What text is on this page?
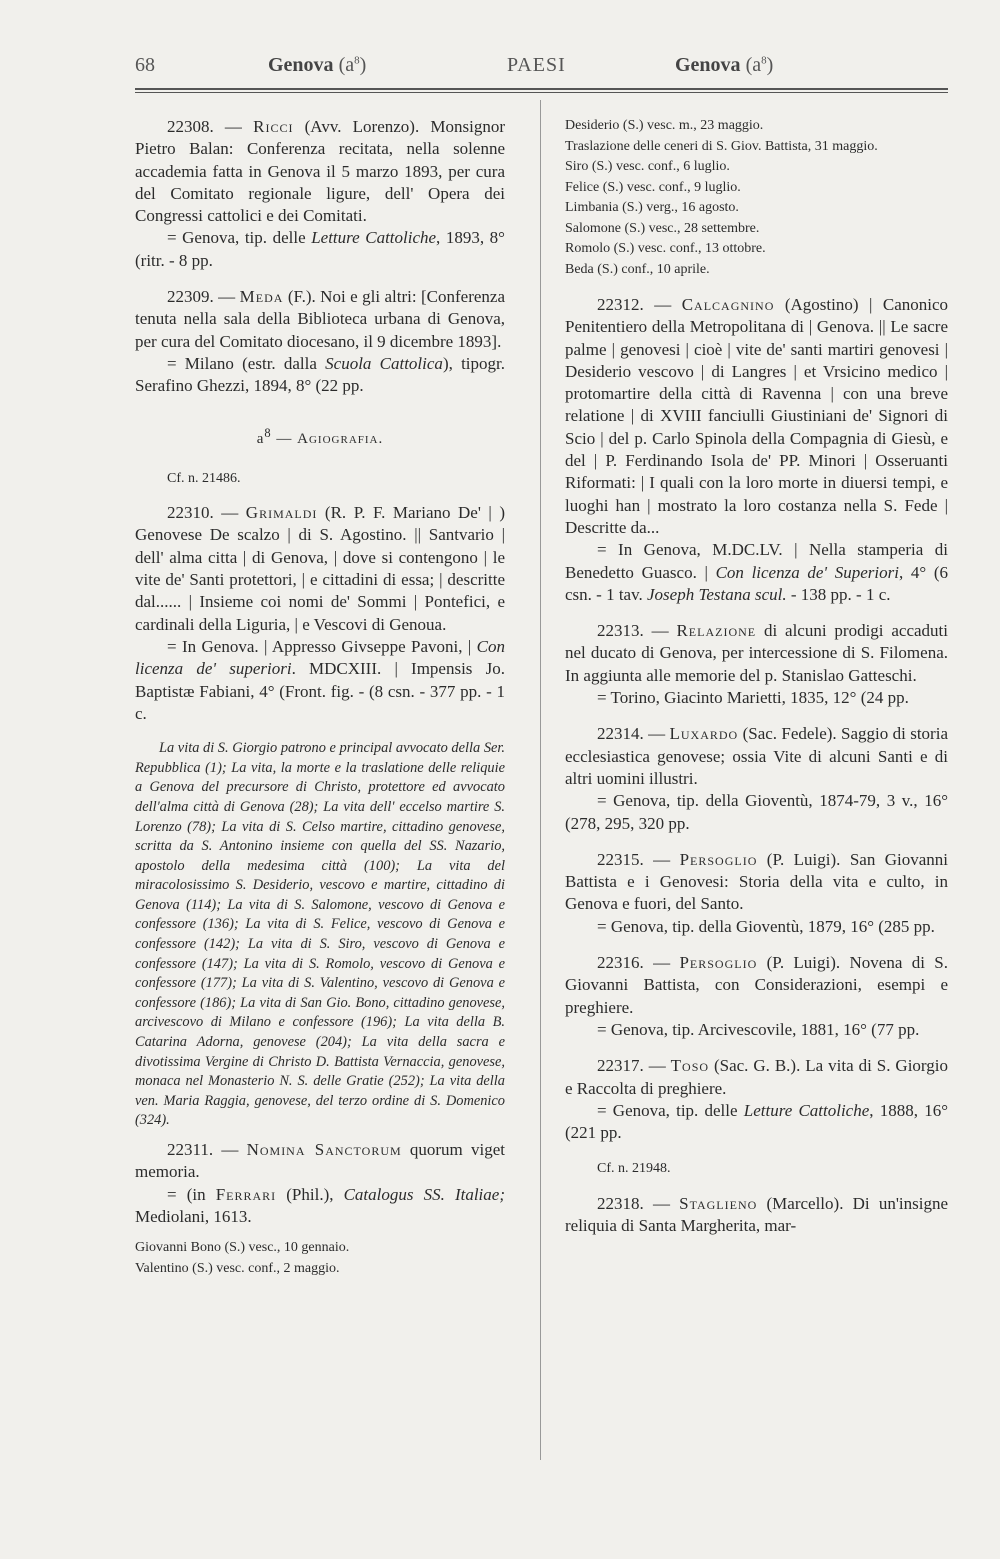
68	Genova $(a^8)$	PAESI	Genova $(a^8)$

22308. — Ricci (Avv. Lorenzo). Monsignor Pietro Balan: Conferenza recitata, nella solenne accademia fatta in Genova il 5 marzo 1893, per cura del Comitato regionale ligure, dell' Opera dei Congressi cattolici e dei Comitati.

= Genova, tip. delle Letture Cattoliche, 1893, 8° (ritr. - 8 pp.

22309. — Meda (F.). Noi e gli altri: [Conferenza tenuta nella sala della Biblioteca urbana di Genova, per cura del Comitato diocesano, il 9 dicembre 1893].

= Milano (estr. dalla Scuola Cattolica), tipogr. Serafino Ghezzi, 1894, 8° (22 pp.

$a^8$ — Agiografia.

Cf. n. 21486.

22310. — Grimaldi (R. P. F. Mariano De' | ) Genovese De scalzo | di S. Agostino. || Santvario | dell' alma citta | di Genova, | dove si contengono | le vite de' Santi protettori, | e cittadini di essa; | descritte dal...... | Insieme coi nomi de' Sommi | Pontefici, e cardinali della Liguria, | e Vescovi di Genoua.

= In Genova. | Appresso Givseppe Pavoni, | Con licenza de' superiori. MDCXIII. | Impensis Jo. Baptistæ Fabiani, 4° (Front. fig. - (8 csn. - 377 pp. - 1 c.

La vita di S. Giorgio patrono e principal avvocato della Ser. Repubblica (1); La vita, la morte e la traslatione delle reliquie a Genova del precursore di Christo, protettore ed avvocato dell'alma città di Genova (28); La vita dell' eccelso martire S. Lorenzo (78); La vita di S. Celso martire, cittadino genovese, scritta da S. Antonino insieme con quella del SS. Nazario, apostolo della medesima città (100); La vita del miracolosissimo S. Desiderio, vescovo e martire, cittadino di Genova (114); La vita di S. Salomone, vescovo di Genova e confessore (136); La vita di S. Felice, vescovo di Genova e confessore (142); La vita di S. Siro, vescovo di Genova e confessore (147); La vita di S. Romolo, vescovo di Genova e confessore (177); La vita di S. Valentino, vescovo di Genova e confessore (186); La vita di San Gio. Bono, cittadino genovese, arcivescovo di Milano e confessore (196); La vita della B. Catarina Adorna, genovese (204); La vita della sacra e divotissima Vergine di Christo D. Battista Vernaccia, genovese, monaca nel Monasterio N. S. delle Gratie (252); La vita della ven. Maria Raggia, genovese, del terzo ordine di S. Domenico (324).

22311. — Nomina Sanctorum quorum viget memoria.

= (in Ferrari (Phil.), Catalogus SS. Italiae; Mediolani, 1613.

Giovanni Bono (S.) vesc., 10 gennaio.

Valentino (S.) vesc. conf., 2 maggio.

Desiderio (S.) vesc. m., 23 maggio.

Traslazione delle ceneri di S. Giov. Battista, 31 maggio.

Siro (S.) vesc. conf., 6 luglio.

Felice (S.) vesc. conf., 9 luglio.

Limbania (S.) verg., 16 agosto.

Salomone (S.) vesc., 28 settembre.

Romolo (S.) vesc. conf., 13 ottobre.

Beda (S.) conf., 10 aprile.

22312. — Calcagnino (Agostino) | Canonico Penitentiero della Metropolitana di | Genova. || Le sacre palme | genovesi | cioè | vite de' santi martiri genovesi | Desiderio vescovo | di Langres | et Vrsicino medico | protomartire della città di Ravenna | con una breve relatione | di XVIII fanciulli Giustiniani de' Signori di Scio | del p. Carlo Spinola della Compagnia di Giesù, e del | P. Ferdinando Isola de' PP. Minori | Osseruanti Riformati: | I quali con la loro morte in diuersi tempi, e luoghi han | mostrato la loro costanza nella S. Fede | Descritte da...

= In Genova, M.DC.LV. | Nella stamperia di Benedetto Guasco. | Con licenza de' Superiori, 4° (6 csn. - 1 tav. Joseph Testana scul. - 138 pp. - 1 c.

22313. — Relazione di alcuni prodigi accaduti nel ducato di Genova, per intercessione di S. Filomena. In aggiunta alle memorie del p. Stanislao Gatteschi.

= Torino, Giacinto Marietti, 1835, 12° (24 pp.

22314. — Luxardo (Sac. Fedele). Saggio di storia ecclesiastica genovese; ossia Vite di alcuni Santi e di altri uomini illustri.

= Genova, tip. della Gioventù, 1874-79, 3 v., 16° (278, 295, 320 pp.

22315. — Persoglio (P. Luigi). San Giovanni Battista e i Genovesi: Storia della vita e culto, in Genova e fuori, del Santo.

= Genova, tip. della Gioventù, 1879, 16° (285 pp.

22316. — Persoglio (P. Luigi). Novena di S. Giovanni Battista, con Considerazioni, esempi e preghiere.

= Genova, tip. Arcivescovile, 1881, 16° (77 pp.

22317. — Toso (Sac. G. B.). La vita di S. Giorgio e Raccolta di preghiere.

= Genova, tip. delle Letture Cattoliche, 1888, 16° (221 pp.

Cf. n. 21948.

22318. — Staglieno (Marcello). Di un'insigne reliquia di Santa Margherita, mar-
